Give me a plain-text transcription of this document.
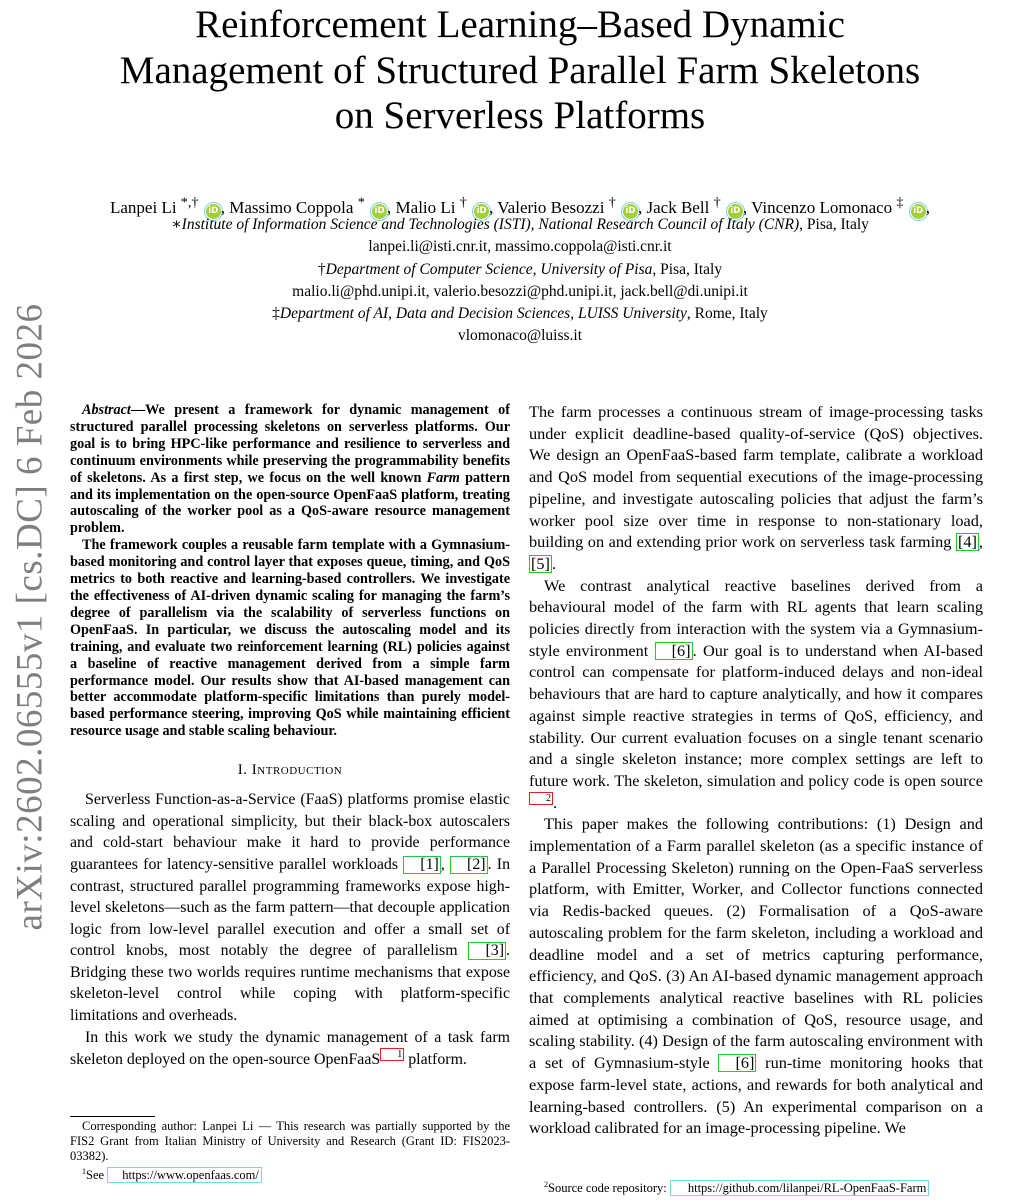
arXiv:2602.06555v1 [cs.DC] 6 Feb 2026
Reinforcement Learning–Based Dynamic
Management of Structured Parallel Farm Skeletons
on Serverless Platforms
Lanpei Li *,† iD , Massimo Coppola * iD , Malio Li † iD , Valerio Besozzi † iD , Jack Bell † iD , Vincenzo Lomonaco ‡ iD ,
∗Institute of Information Science and Technologies (ISTI), National Research Council of Italy (CNR), Pisa, Italy
lanpei.li@isti.cnr.it, massimo.coppola@isti.cnr.it
†Department of Computer Science, University of Pisa, Pisa, Italy
malio.li@phd.unipi.it, valerio.besozzi@phd.unipi.it, jack.bell@di.unipi.it
‡Department of AI, Data and Decision Sciences, LUISS University, Rome, Italy
vlomonaco@luiss.it

Abstract—We present a framework for dynamic management of structured parallel processing skeletons on serverless platforms. Our goal is to bring HPC-like performance and resilience to serverless and continuum environments while preserving the programmability benefits of skeletons. As a first step, we focus on the well known Farm pattern and its implementation on the open-source OpenFaaS platform, treating autoscaling of the worker pool as a QoS-aware resource management problem.

The framework couples a reusable farm template with a Gymnasium-based monitoring and control layer that exposes queue, timing, and QoS metrics to both reactive and learning-based controllers. We investigate the effectiveness of AI-driven dynamic scaling for managing the farm’s degree of parallelism via the scalability of serverless functions on OpenFaaS. In particular, we discuss the autoscaling model and its training, and evaluate two reinforcement learning (RL) policies against a baseline of reactive management derived from a simple farm performance model. Our results show that AI-based management can better accommodate platform-specific limitations than purely model-based performance steering, improving QoS while maintaining efficient resource usage and stable scaling behaviour.

I. Introduction

Serverless Function-as-a-Service (FaaS) platforms promise elastic scaling and operational simplicity, but their black-box autoscalers and cold-start behaviour make it hard to provide performance guarantees for latency-sensitive parallel workloads [1] , [2] . In contrast, structured parallel programming frameworks expose high-level skeletons—such as the farm pattern—that decouple application logic from low-level parallel execution and offer a small set of control knobs, most notably the degree of parallelism [3] . Bridging these two worlds requires runtime mechanisms that expose skeleton-level control while coping with platform-specific limitations and overheads.

In this work we study the dynamic management of a task farm skeleton deployed on the open-source OpenFaaS 1 platform.

The farm processes a continuous stream of image-processing tasks under explicit deadline-based quality-of-service (QoS) objectives. We design an OpenFaaS-based farm template, calibrate a workload and QoS model from sequential executions of the image-processing pipeline, and investigate autoscaling policies that adjust the farm’s worker pool size over time in response to non-stationary load, building on and extending prior work on serverless task farming [4] , [5] .

We contrast analytical reactive baselines derived from a behavioural model of the farm with RL agents that learn scaling policies directly from interaction with the system via a Gymnasium-style environment [6] . Our goal is to understand when AI-based control can compensate for platform-induced delays and non-ideal behaviours that are hard to capture analytically, and how it compares against simple reactive strategies in terms of QoS, efficiency, and stability. Our current evaluation focuses on a single tenant scenario and a single skeleton instance; more complex settings are left to future work. The skeleton, simulation and policy code is open source2 .

This paper makes the following contributions: (1) Design and implementation of a Farm parallel skeleton (as a specific instance of a Parallel Processing Skeleton) running on the Open-FaaS serverless platform, with Emitter, Worker, and Collector functions connected via Redis-backed queues. (2) Formalisation of a QoS-aware autoscaling problem for the farm skeleton, including a workload and deadline model and a set of metrics capturing performance, efficiency, and QoS. (3) An AI-based dynamic management approach that complements analytical reactive baselines with RL policies aimed at optimising a combination of QoS, resource usage, and scaling stability. (4) Design of the farm autoscaling environment with a set of Gymnasium-style [6] run-time monitoring hooks that expose farm-level state, actions, and rewards for both analytical and learning-based controllers. (5) An experimental comparison on a workload calibrated for an image-processing pipeline. We

Corresponding author: Lanpei Li — This research was partially supported by the FIS2 Grant from Italian Ministry of University and Research (Grant ID: FIS2023-03382).

$^1$See https://www.openfaas.com/

$^2$Source code repository: https://github.com/lilanpei/RL-OpenFaaS-Farm
